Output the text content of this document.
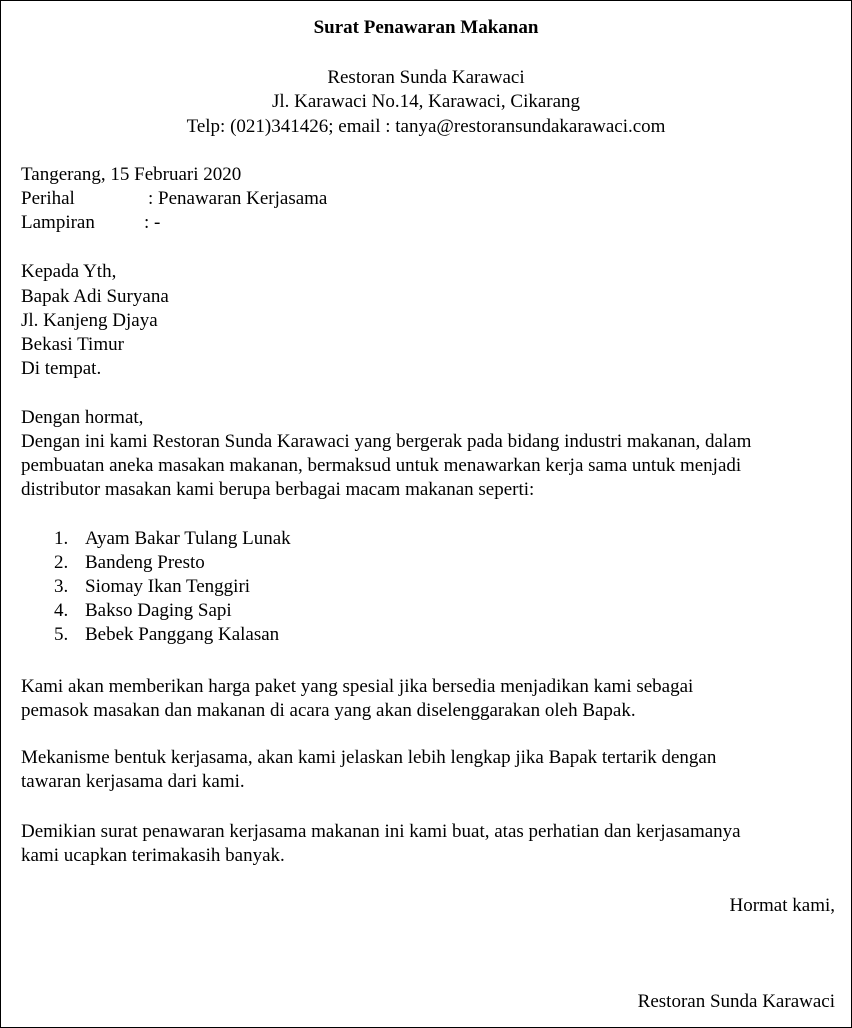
Surat Penawaran Makanan
Restoran Sunda Karawaci
Jl. Karawaci No.14, Karawaci, Cikarang
Telp: (021)341426; email : tanya@restoransundakarawaci.com
Tangerang, 15 Februari 2020
Perihal	: Penawaran Kerjasama
Lampiran	: -
Kepada Yth,
Bapak Adi Suryana
Jl. Kanjeng Djaya
Bekasi Timur
Di tempat.
Dengan hormat,
Dengan ini kami Restoran Sunda Karawaci yang bergerak pada bidang industri makanan, dalam
pembuatan aneka masakan makanan, bermaksud untuk menawarkan kerja sama untuk menjadi
distributor masakan kami berupa berbagai macam makanan seperti:
1. Ayam Bakar Tulang Lunak
2. Bandeng Presto
3. Siomay Ikan Tenggiri
4. Bakso Daging Sapi
5. Bebek Panggang Kalasan
Kami akan memberikan harga paket yang spesial jika bersedia menjadikan kami sebagai
pemasok masakan dan makanan di acara yang akan diselenggarakan oleh Bapak.
Mekanisme bentuk kerjasama, akan kami jelaskan lebih lengkap jika Bapak tertarik dengan
tawaran kerjasama dari kami.
Demikian surat penawaran kerjasama makanan ini kami buat, atas perhatian dan kerjasamanya
kami ucapkan terimakasih banyak.
Hormat kami,
Restoran Sunda Karawaci
